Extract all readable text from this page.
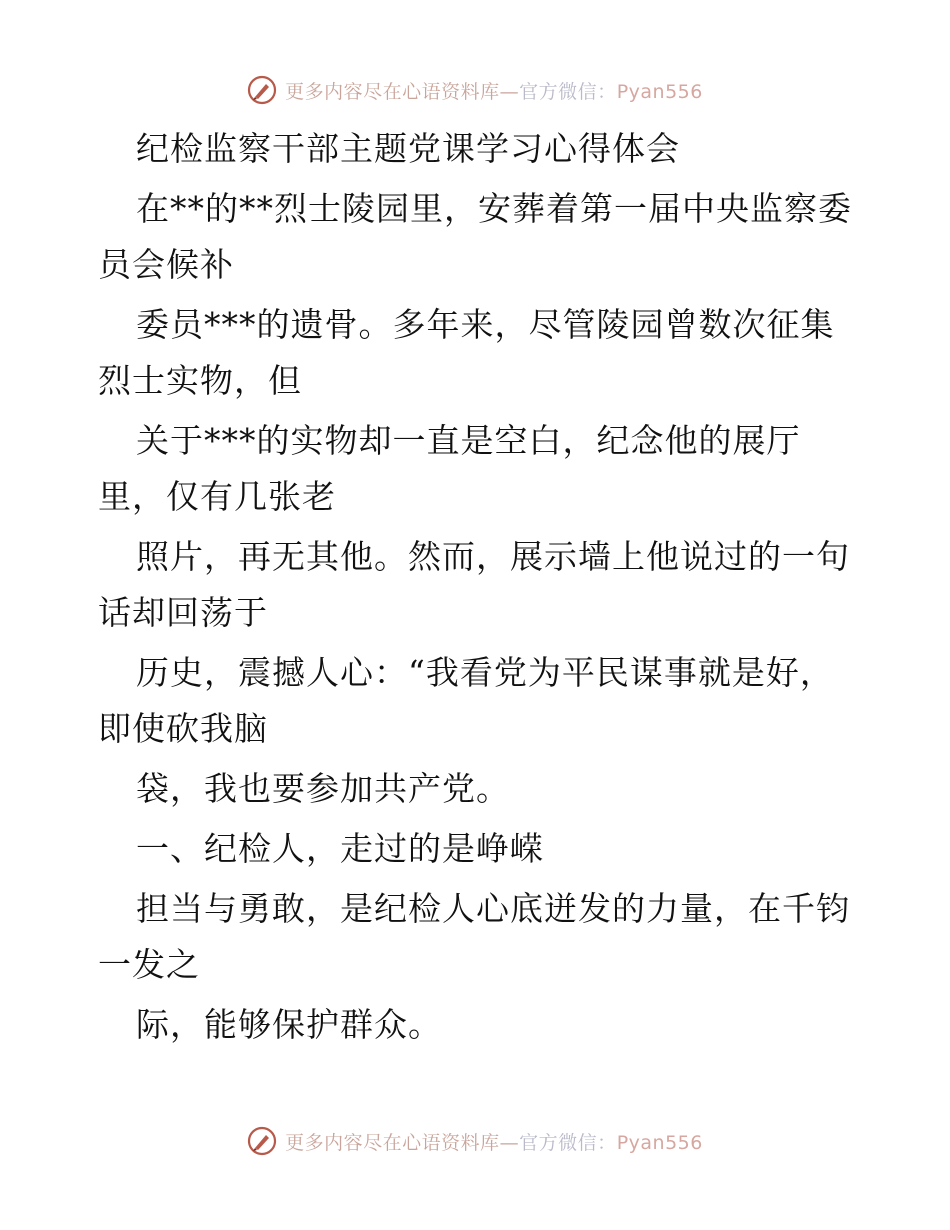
更多内容尽在心语资料库—官方微信：Pyan556
纪检监察干部主题党课学习心得体会
在**的**烈士陵园里，安葬着第一届中央监察委
员会候补
委员***的遗骨。多年来，尽管陵园曾数次征集
烈士实物，但
关于***的实物却一直是空白，纪念他的展厅
里，仅有几张老
照片，再无其他。然而，展示墙上他说过的一句
话却回荡于
历史，震撼人心：“我看党为平民谋事就是好，
即使砍我脑
袋，我也要参加共产党。
一、纪检人，走过的是峥嵘
担当与勇敢，是纪检人心底迸发的力量，在千钧
一发之
际，能够保护群众。
更多内容尽在心语资料库—官方微信：Pyan556
